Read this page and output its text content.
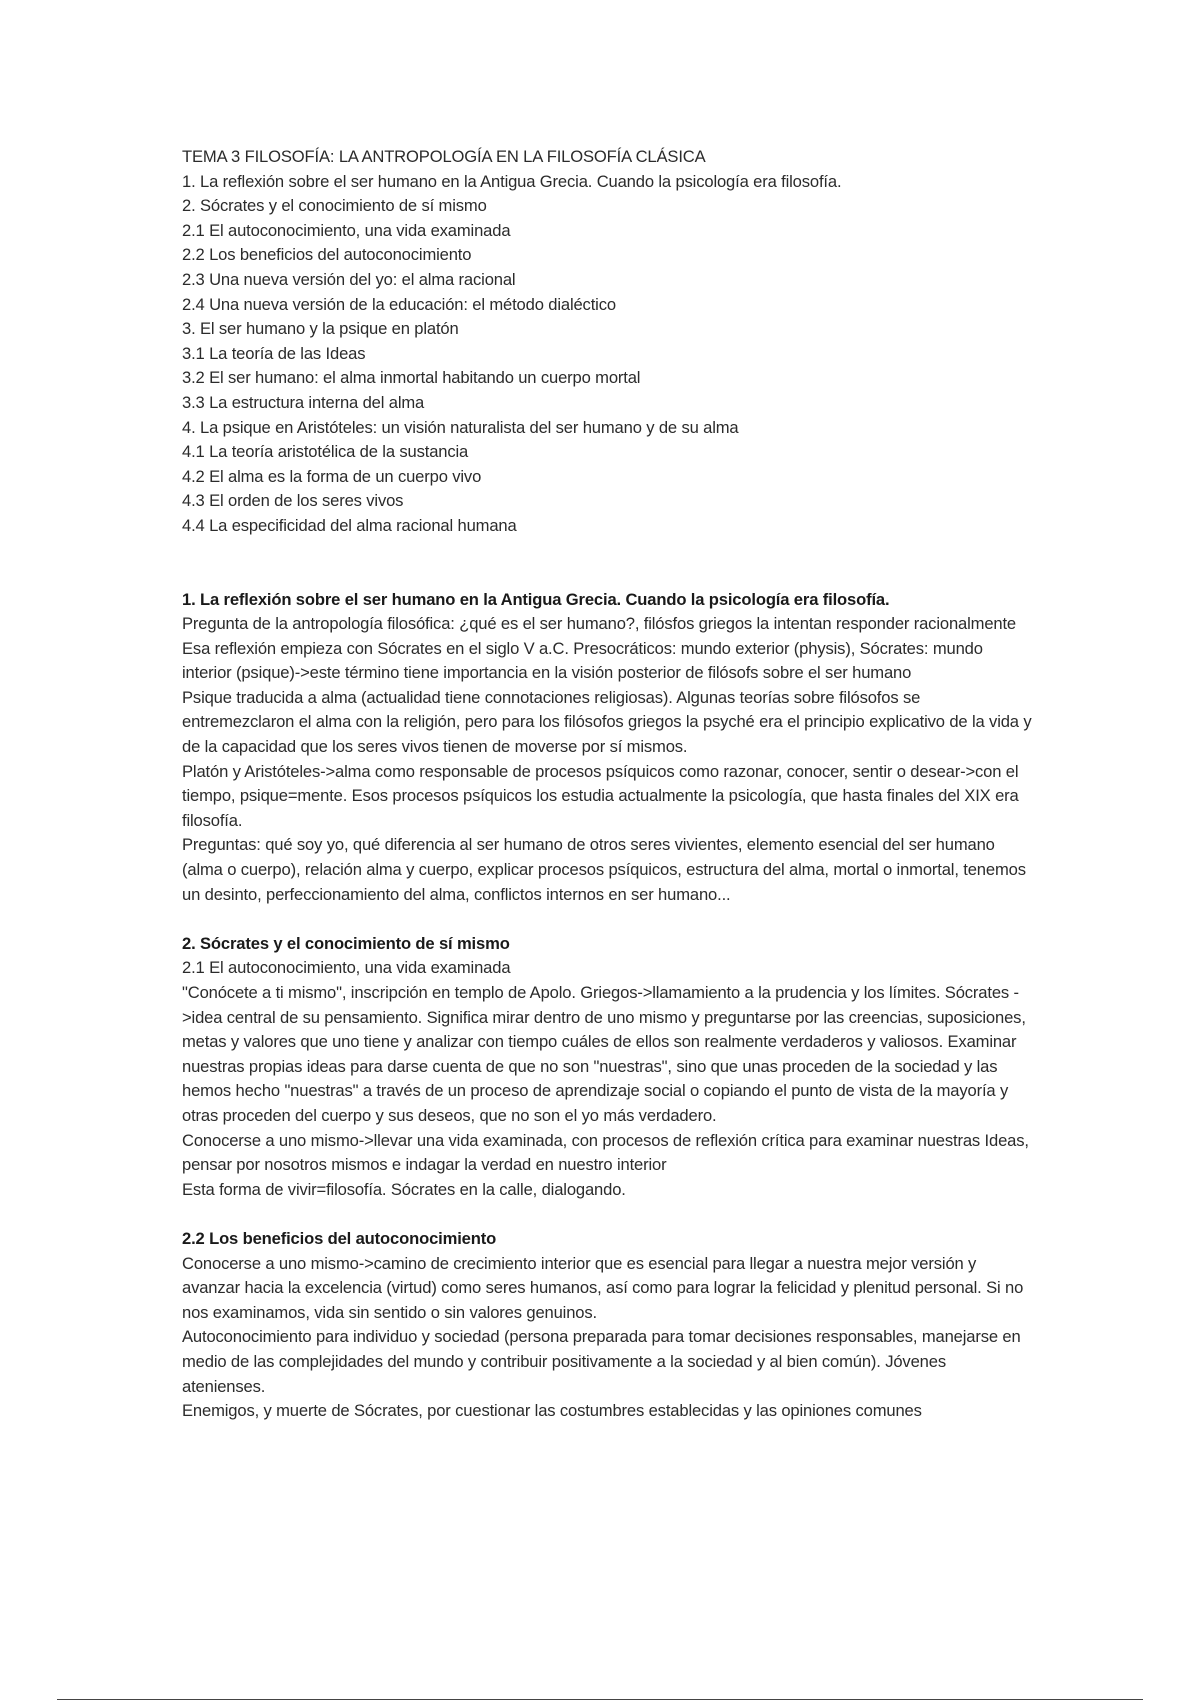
TEMA 3 FILOSOFÍA: LA ANTROPOLOGÍA EN LA FILOSOFÍA CLÁSICA
1. La reflexión sobre el ser humano en la Antigua Grecia. Cuando la psicología era filosofía.
2. Sócrates y el conocimiento de sí mismo
2.1 El autoconocimiento, una vida examinada
2.2 Los beneficios del autoconocimiento
2.3 Una nueva versión del yo: el alma racional
2.4 Una nueva versión de la educación: el método dialéctico
3. El ser humano y la psique en platón
3.1 La teoría de las Ideas
3.2 El ser humano: el alma inmortal habitando un cuerpo mortal
3.3 La estructura interna del alma
4. La psique en Aristóteles: un visión naturalista del ser humano y de su alma
4.1 La teoría aristotélica de la sustancia
4.2 El alma es la forma de un cuerpo vivo
4.3 El orden de los seres vivos
4.4 La especificidad del alma racional humana
1. La reflexión sobre el ser humano en la Antigua Grecia. Cuando la psicología era filosofía.
Pregunta de la antropología filosófica: ¿qué es el ser humano?, filósfos griegos la intentan responder racionalmente
Esa reflexión empieza con Sócrates en el siglo V a.C. Presocráticos: mundo exterior (physis), Sócrates: mundo interior (psique)->este término tiene importancia en la visión posterior de filósofs sobre el ser humano
Psique traducida a alma (actualidad tiene connotaciones religiosas). Algunas teorías sobre filósofos se entremezclaron el alma con la religión, pero para los filósofos griegos la psyché era el principio explicativo de la vida y de la capacidad que los seres vivos tienen de moverse por sí mismos.
Platón y Aristóteles->alma como responsable de procesos psíquicos como razonar, conocer, sentir o desear->con el tiempo, psique=mente. Esos procesos psíquicos los estudia actualmente la psicología, que hasta finales del XIX era filosofía.
Preguntas: qué soy yo, qué diferencia al ser humano de otros seres vivientes, elemento esencial del ser humano (alma o cuerpo), relación alma y cuerpo, explicar procesos psíquicos, estructura del alma, mortal o inmortal, tenemos un desinto, perfeccionamiento del alma, conflictos internos en ser humano...
2. Sócrates y el conocimiento de sí mismo
2.1 El autoconocimiento, una vida examinada
"Conócete a ti mismo", inscripción en templo de Apolo. Griegos->llamamiento a la prudencia y los límites. Sócrates ->idea central de su pensamiento. Significa mirar dentro de uno mismo y preguntarse por las creencias, suposiciones, metas y valores que uno tiene y analizar con tiempo cuáles de ellos son realmente verdaderos y valiosos. Examinar nuestras propias ideas para darse cuenta de que no son "nuestras", sino que unas proceden de la sociedad y las hemos hecho "nuestras" a través de un proceso de aprendizaje social o copiando el punto de vista de la mayoría y otras proceden del cuerpo y sus deseos, que no son el yo más verdadero.
Conocerse a uno mismo->llevar una vida examinada, con procesos de reflexión crítica para examinar nuestras Ideas, pensar por nosotros mismos e indagar la verdad en nuestro interior
Esta forma de vivir=filosofía. Sócrates en la calle, dialogando.
2.2 Los beneficios del autoconocimiento
Conocerse a uno mismo->camino de crecimiento interior que es esencial para llegar a nuestra mejor versión y avanzar hacia la excelencia (virtud) como seres humanos, así como para lograr la felicidad y plenitud personal. Si no nos examinamos, vida sin sentido o sin valores genuinos.
Autoconocimiento para individuo y sociedad (persona preparada para tomar decisiones responsables, manejarse en medio de las complejidades del mundo y contribuir positivamente a la sociedad y al bien común). Jóvenes atenienses.
Enemigos, y muerte de Sócrates, por cuestionar las costumbres establecidas y las opiniones comunes
